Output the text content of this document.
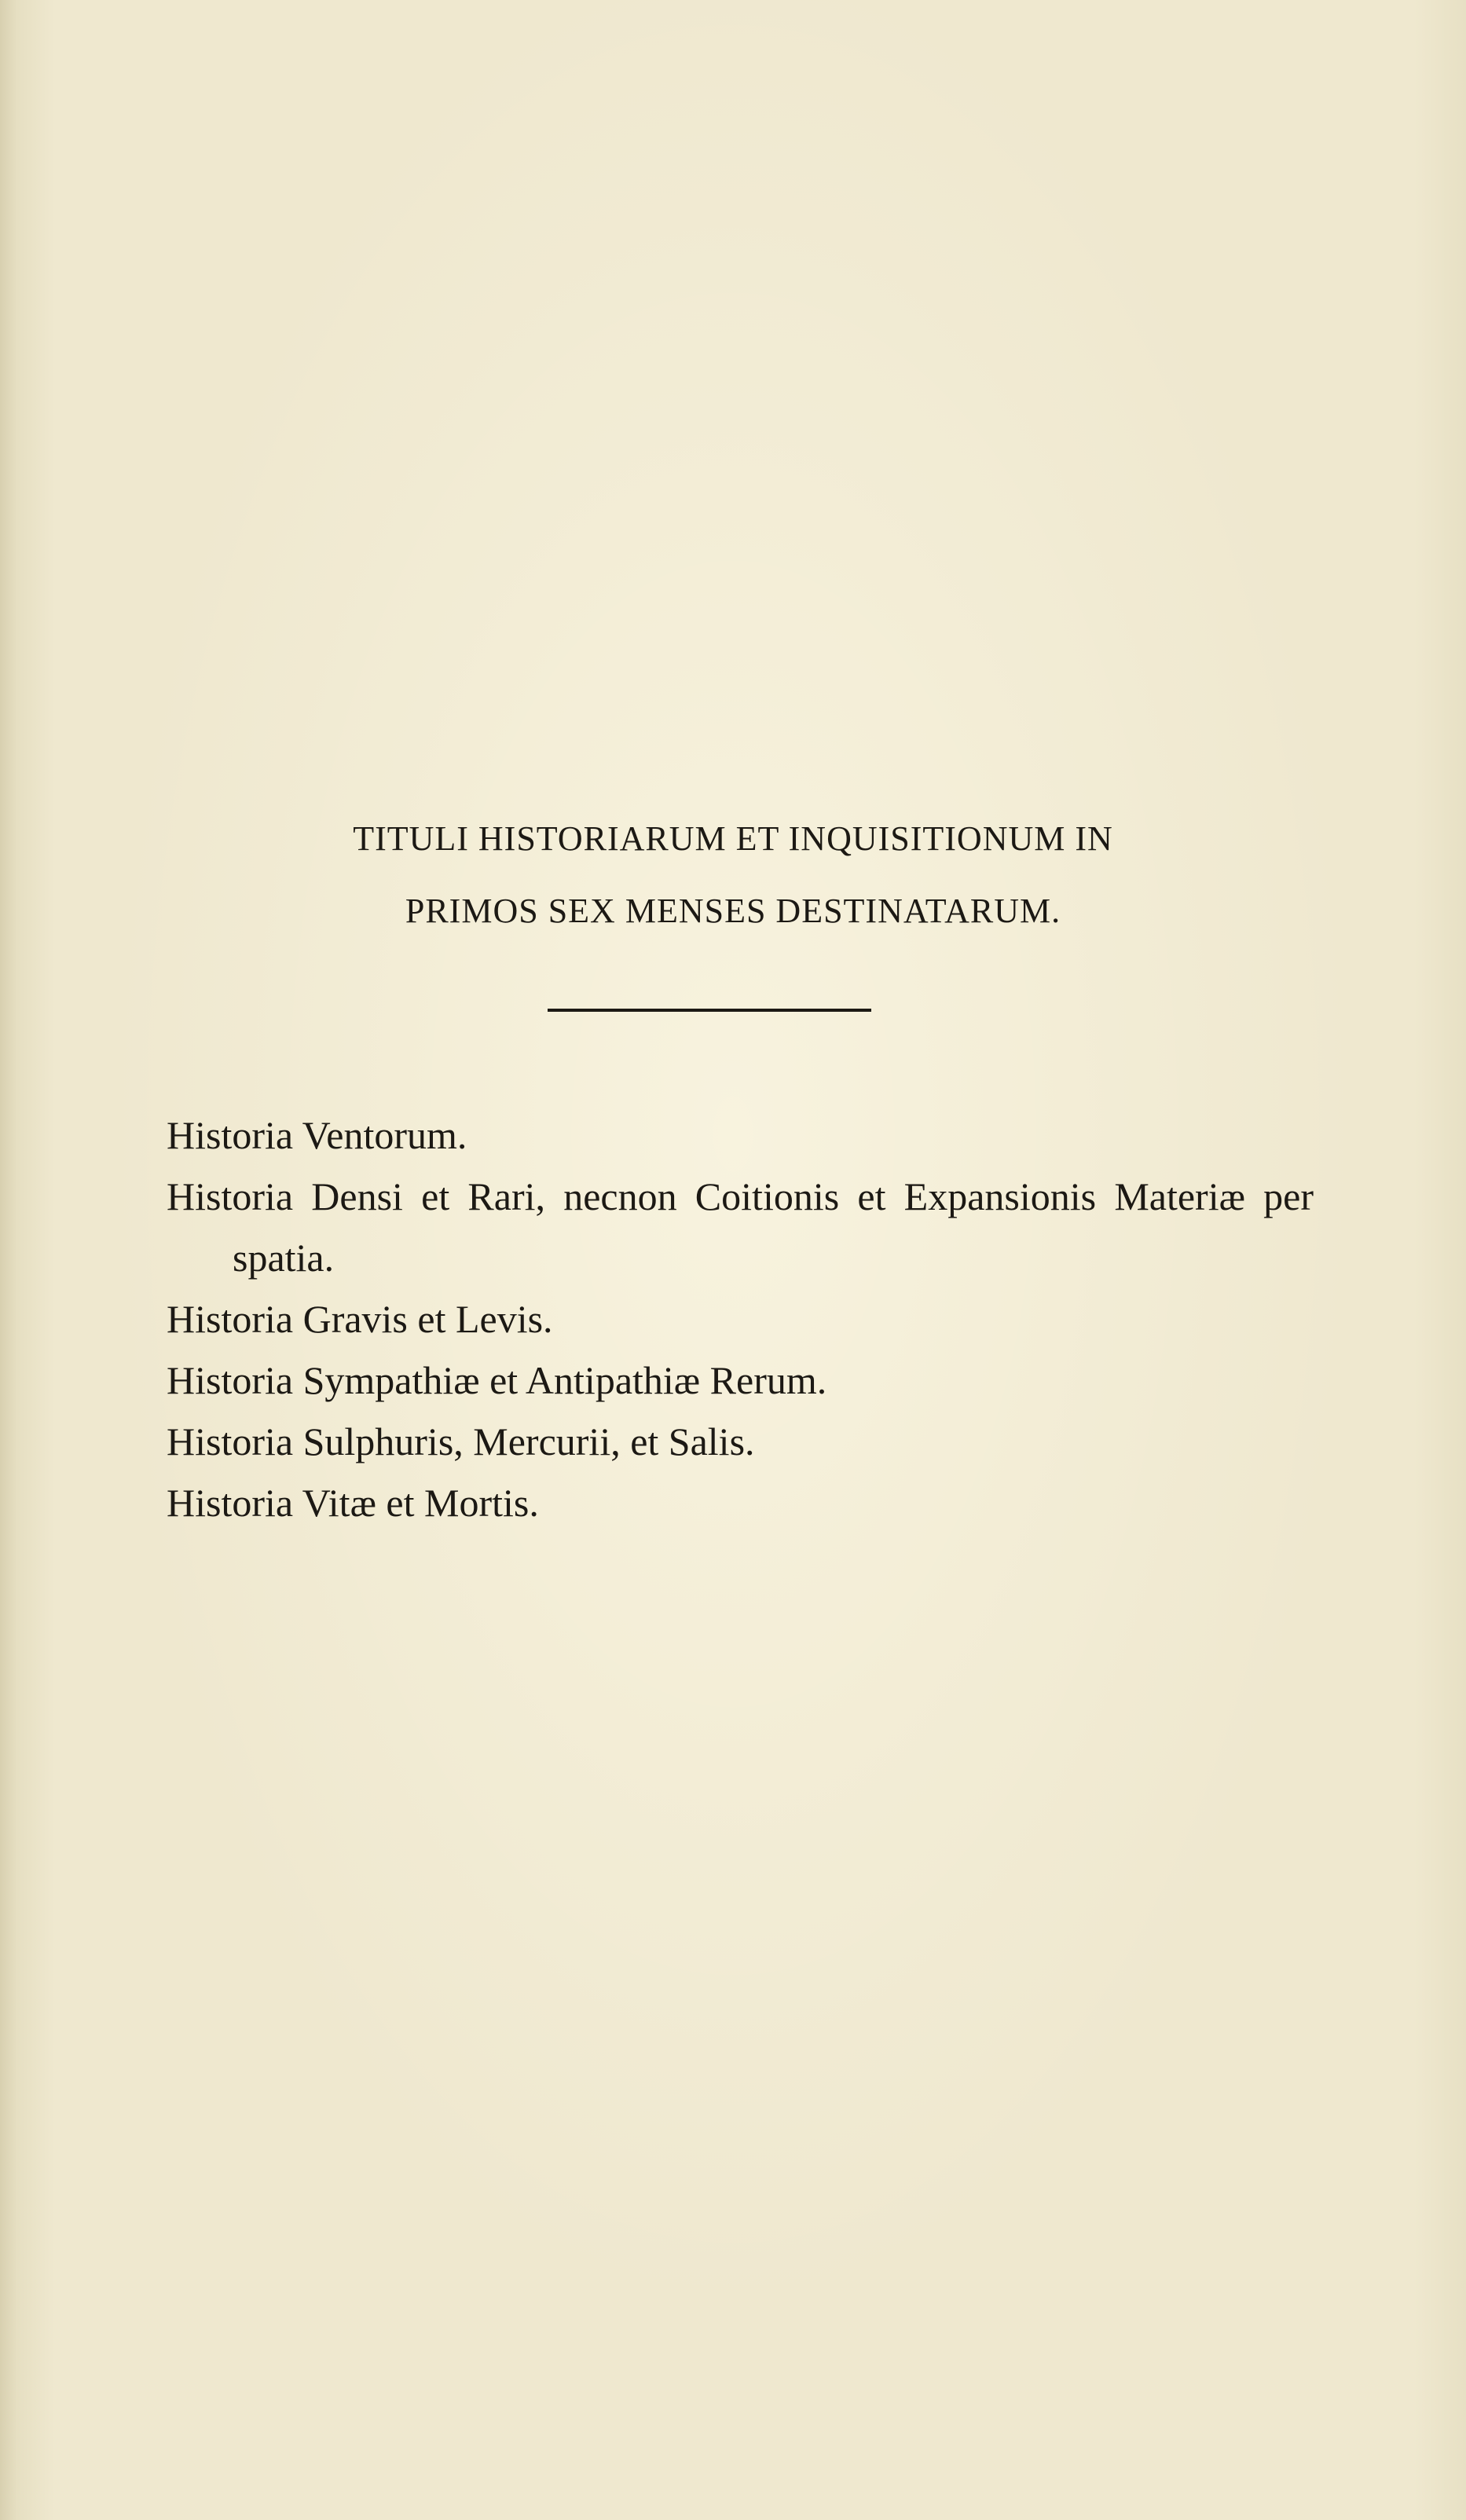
TITULI HISTORIARUM ET INQUISITIONUM IN
PRIMOS SEX MENSES DESTINATARUM.
Historia Ventorum.
Historia Densi et Rari, necnon Coitionis et Expansionis Materiæ per spatia.
Historia Gravis et Levis.
Historia Sympathiæ et Antipathiæ Rerum.
Historia Sulphuris, Mercurii, et Salis.
Historia Vitæ et Mortis.
